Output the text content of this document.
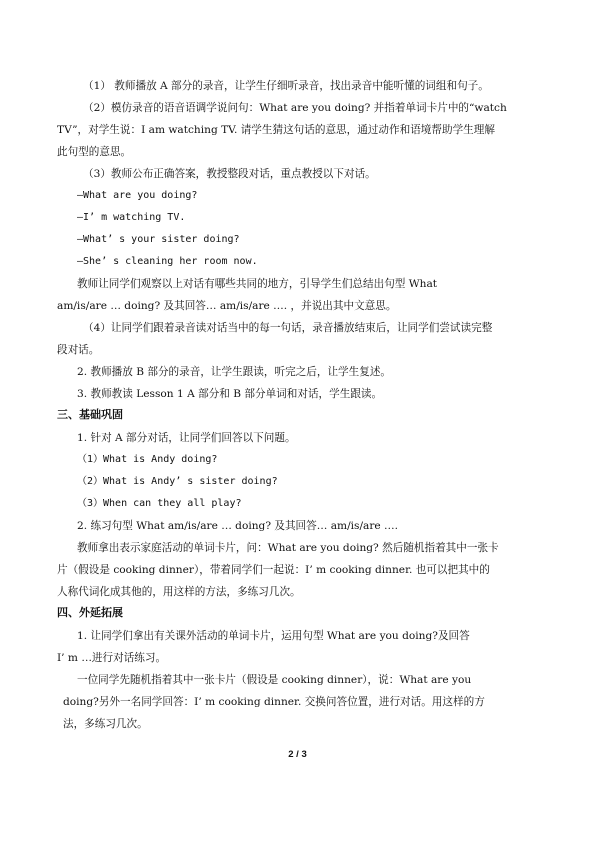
（1） 教师播放 A 部分的录音，让学生仔细听录音，找出录音中能听懂的词组和句子。
（2）模仿录音的语音语调学说问句：What are you doing? 并指着单词卡片中的“watch
TV”，对学生说：I am watching TV. 请学生猜这句话的意思，通过动作和语境帮助学生理解
此句型的意思。
（3）教师公布正确答案，教授整段对话，重点教授以下对话。
—What are you doing?
—I’ m watching TV.
—What’ s your sister doing?
—She’ s cleaning her room now.
教师让同学们观察以上对话有哪些共同的地方，引导学生们总结出句型 What
am/is/are … doing? 及其回答… am/is/are …. ，并说出其中文意思。
（4）让同学们跟着录音读对话当中的每一句话，录音播放结束后，让同学们尝试读完整
段对话。
2. 教师播放 B 部分的录音，让学生跟读，听完之后，让学生复述。
3. 教师教读 Lesson 1 A 部分和 B 部分单词和对话，学生跟读。
三、基础巩固
1. 针对 A 部分对话，让同学们回答以下问题。
（1）What is Andy doing?
（2）What is Andy’ s sister doing?
（3）When can they all play?
2. 练习句型 What am/is/are … doing? 及其回答… am/is/are ….
教师拿出表示家庭活动的单词卡片，问：What are you doing? 然后随机指着其中一张卡
片（假设是 cooking dinner），带着同学们一起说：I’ m cooking dinner. 也可以把其中的
人称代词化成其他的，用这样的方法，多练习几次。
四、外延拓展
1. 让同学们拿出有关课外活动的单词卡片，运用句型 What are you doing?及回答
I’ m …进行对话练习。
一位同学先随机指着其中一张卡片（假设是 cooking dinner），说：What are you
doing?另外一名同学回答：I’ m cooking dinner. 交换问答位置，进行对话。用这样的方
法，多练习几次。
2 / 3
